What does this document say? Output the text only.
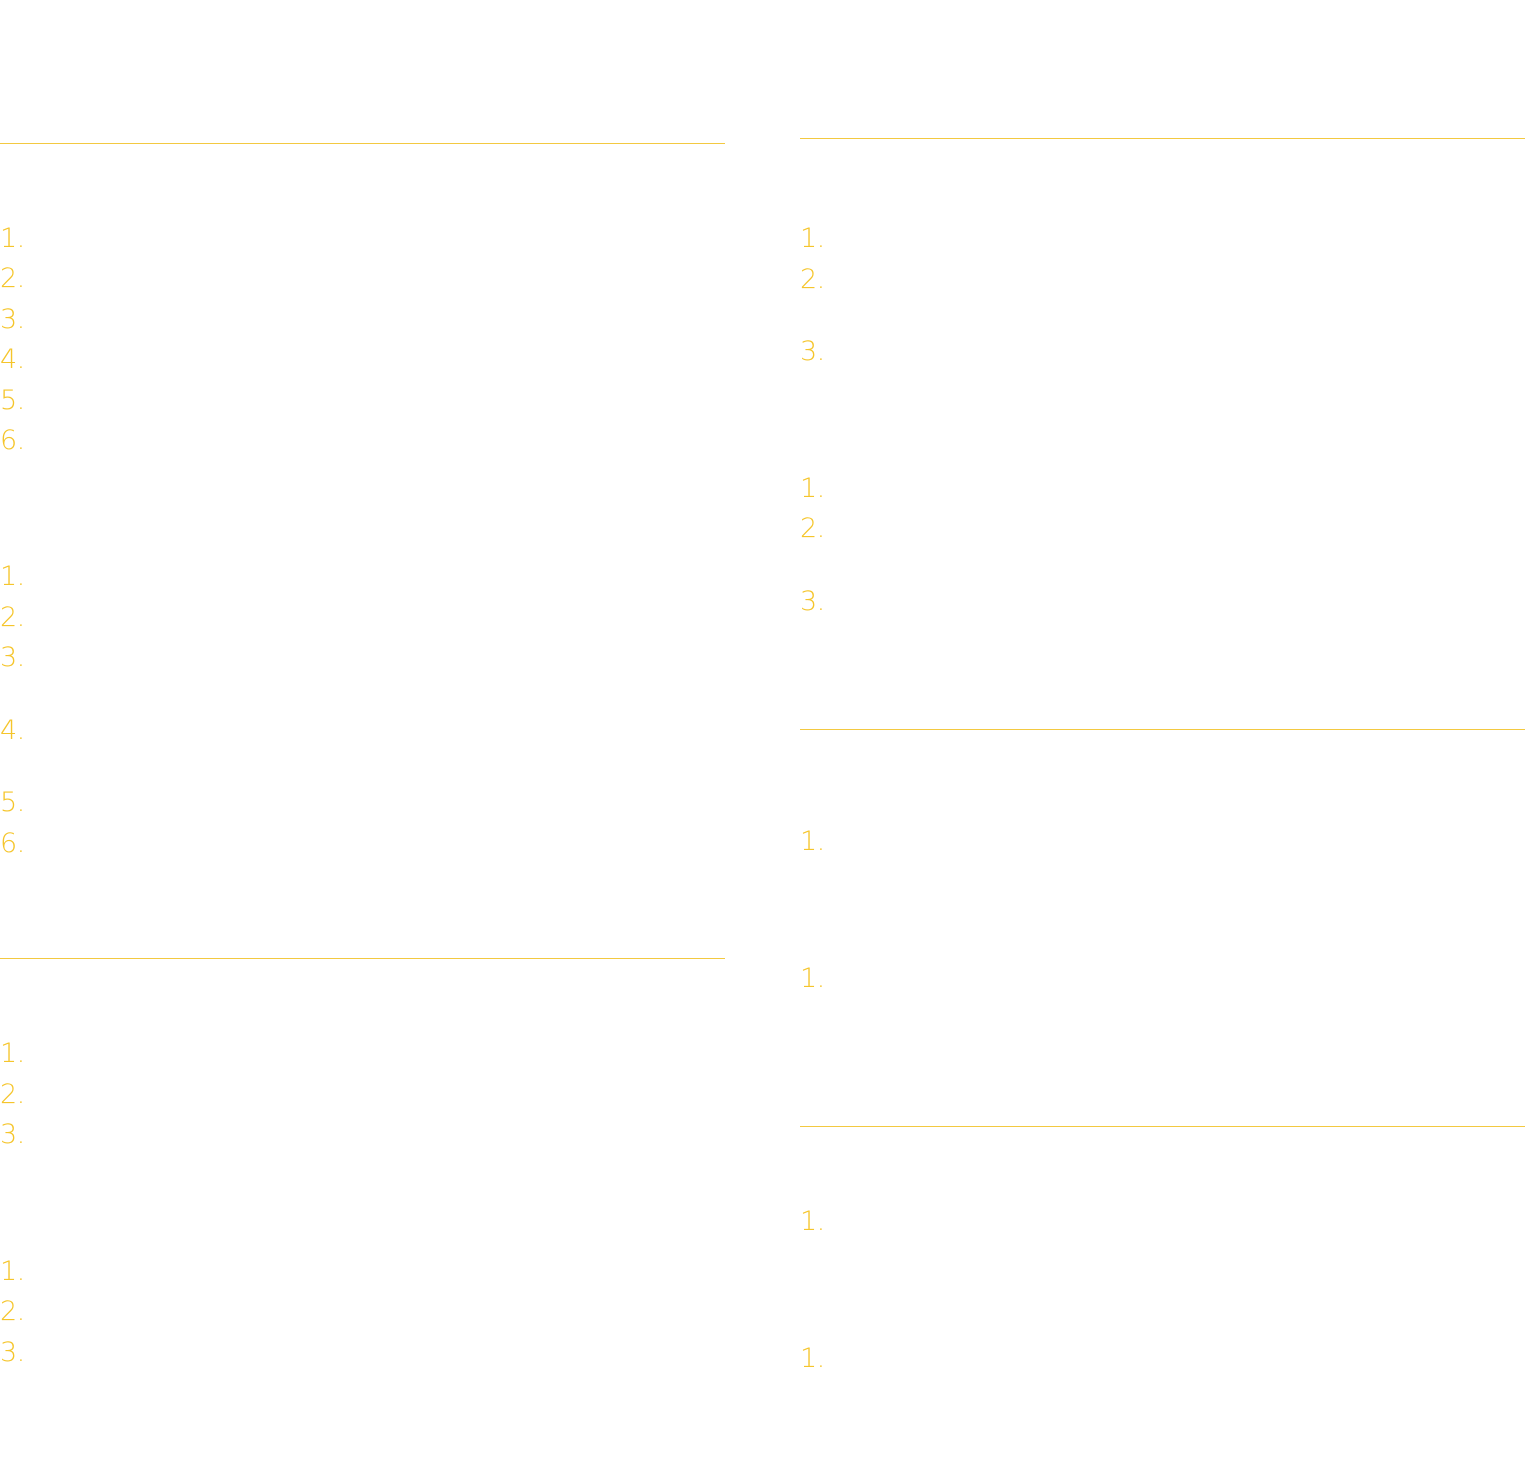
1.

2.

3.

4.

5.

6.

1.

2.

3.

4.

5.

6.

1.

2.

3.

1.

2.

3.

1.

2.

3.

1.

2.

3.

1.

1.

1.

1.
